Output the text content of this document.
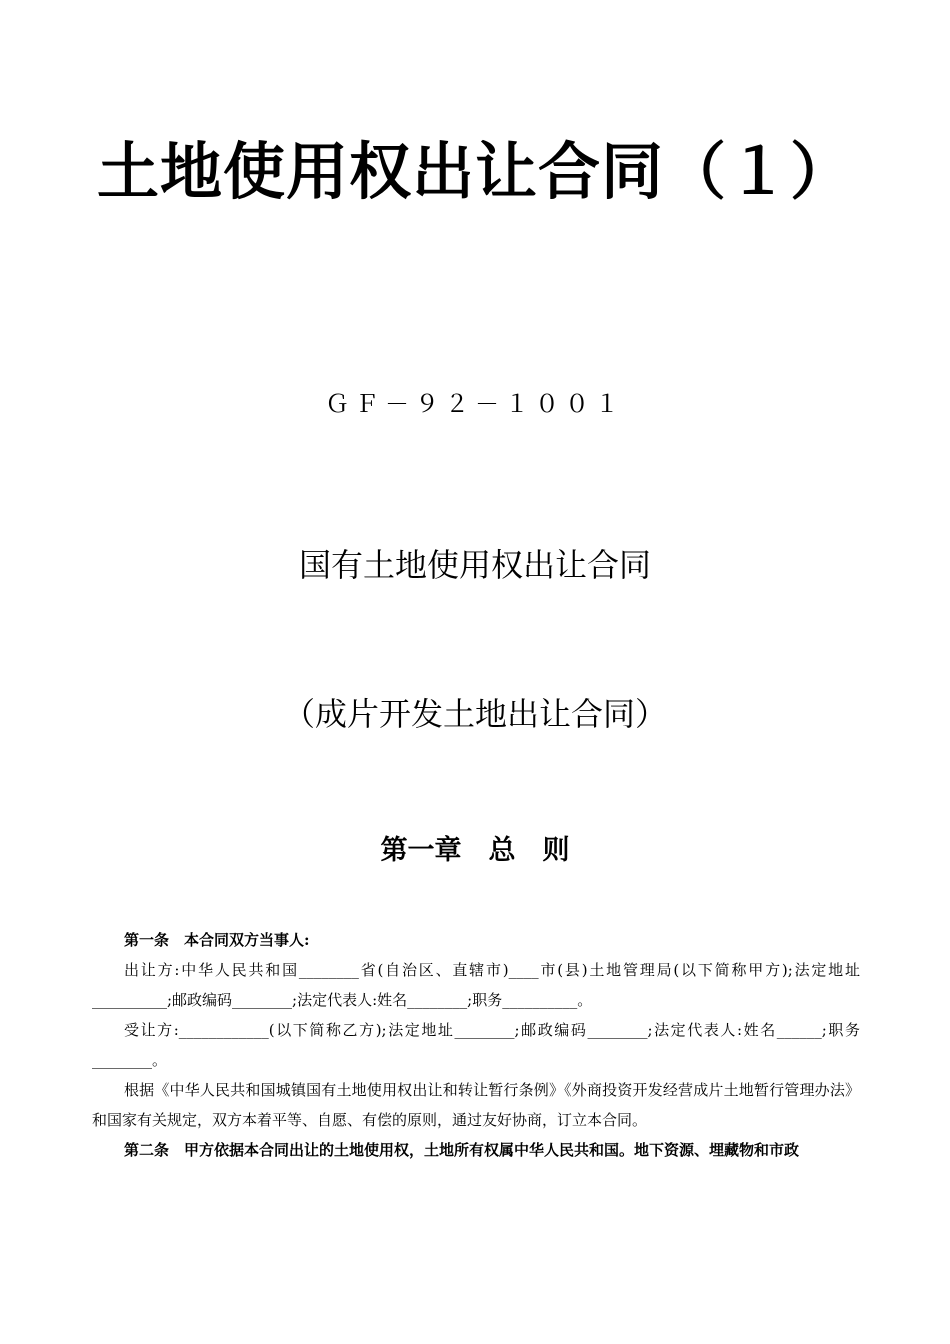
土地使用权出让合同（１）
ＧＦ－９２－１００１
国有土地使用权出让合同
（成片开发土地出让合同）
第一章　总　则

第一条　本合同双方当事人:

出让方:中华人民共和国________省(自治区、直辖市)____市(县)土地管理局(以下简称甲方);法定地址__________;邮政编码________;法定代表人:姓名________;职务__________。

受让方:____________(以下简称乙方);法定地址________;邮政编码________;法定代表人:姓名______;职务________。

根据《中华人民共和国城镇国有土地使用权出让和转让暂行条例》《外商投资开发经营成片土地暂行管理办法》和国家有关规定，双方本着平等、自愿、有偿的原则，通过友好协商，订立本合同。

第二条　甲方依据本合同出让的土地使用权，土地所有权属中华人民共和国。地下资源、埋藏物和市政
